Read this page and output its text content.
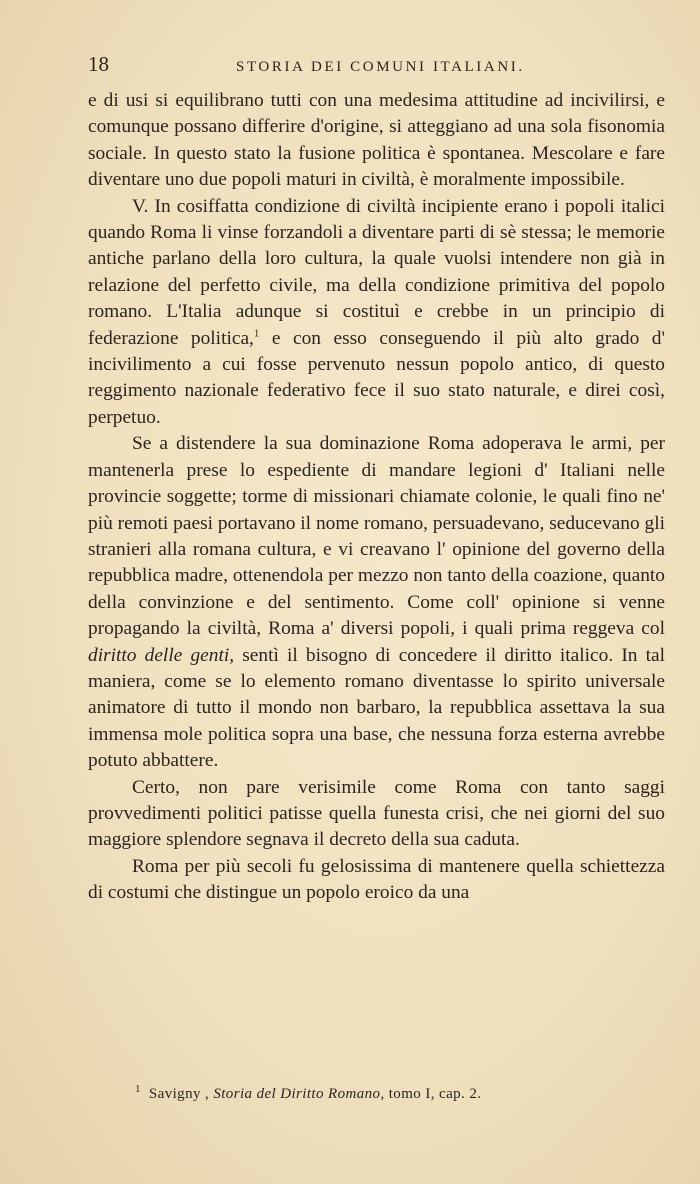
18	STORIA DEI COMUNI ITALIANI.

e di usi si equilibrano tutti con una medesima attitudine ad incivilirsi, e comunque possano differire d'origine, si atteggiano ad una sola fisonomia sociale. In questo stato la fusione politica è spontanea. Mescolare e fare diventare uno due popoli maturi in civiltà, è moralmente impossibile.

V. In cosiffatta condizione di civiltà incipiente erano i popoli italici quando Roma li vinse forzandoli a diventare parti di sè stessa; le memorie antiche parlano della loro cultura, la quale vuolsi intendere non già in relazione del perfetto civile, ma della condizione primitiva del popolo romano. L'Italia adunque si costituì e crebbe in un principio di federazione politica,$^1$ e con esso conseguendo il più alto grado d' incivilimento a cui fosse pervenuto nessun popolo antico, di questo reggimento nazionale federativo fece il suo stato naturale, e direi così, perpetuo.

Se a distendere la sua dominazione Roma adoperava le armi, per mantenerla prese lo espediente di mandare legioni d' Italiani nelle provincie soggette; torme di missionari chiamate colonie, le quali fino ne' più remoti paesi portavano il nome romano, persuadevano, seducevano gli stranieri alla romana cultura, e vi creavano l' opinione del governo della repubblica madre, ottenendola per mezzo non tanto della coazione, quanto della convinzione e del sentimento. Come coll' opinione si venne propagando la civiltà, Roma a' diversi popoli, i quali prima reggeva col diritto delle genti, sentì il bisogno di concedere il diritto italico. In tal maniera, come se lo elemento romano diventasse lo spirito universale animatore di tutto il mondo non barbaro, la repubblica assettava la sua immensa mole politica sopra una base, che nessuna forza esterna avrebbe potuto abbattere.

Certo, non pare verisimile come Roma con tanto saggi provvedimenti politici patisse quella funesta crisi, che nei giorni del suo maggiore splendore segnava il decreto della sua caduta.

Roma per più secoli fu gelosissima di mantenere quella schiettezza di costumi che distingue un popolo eroico da una

$^1$ Savigny , Storia del Diritto Romano, tomo I, cap. 2.
